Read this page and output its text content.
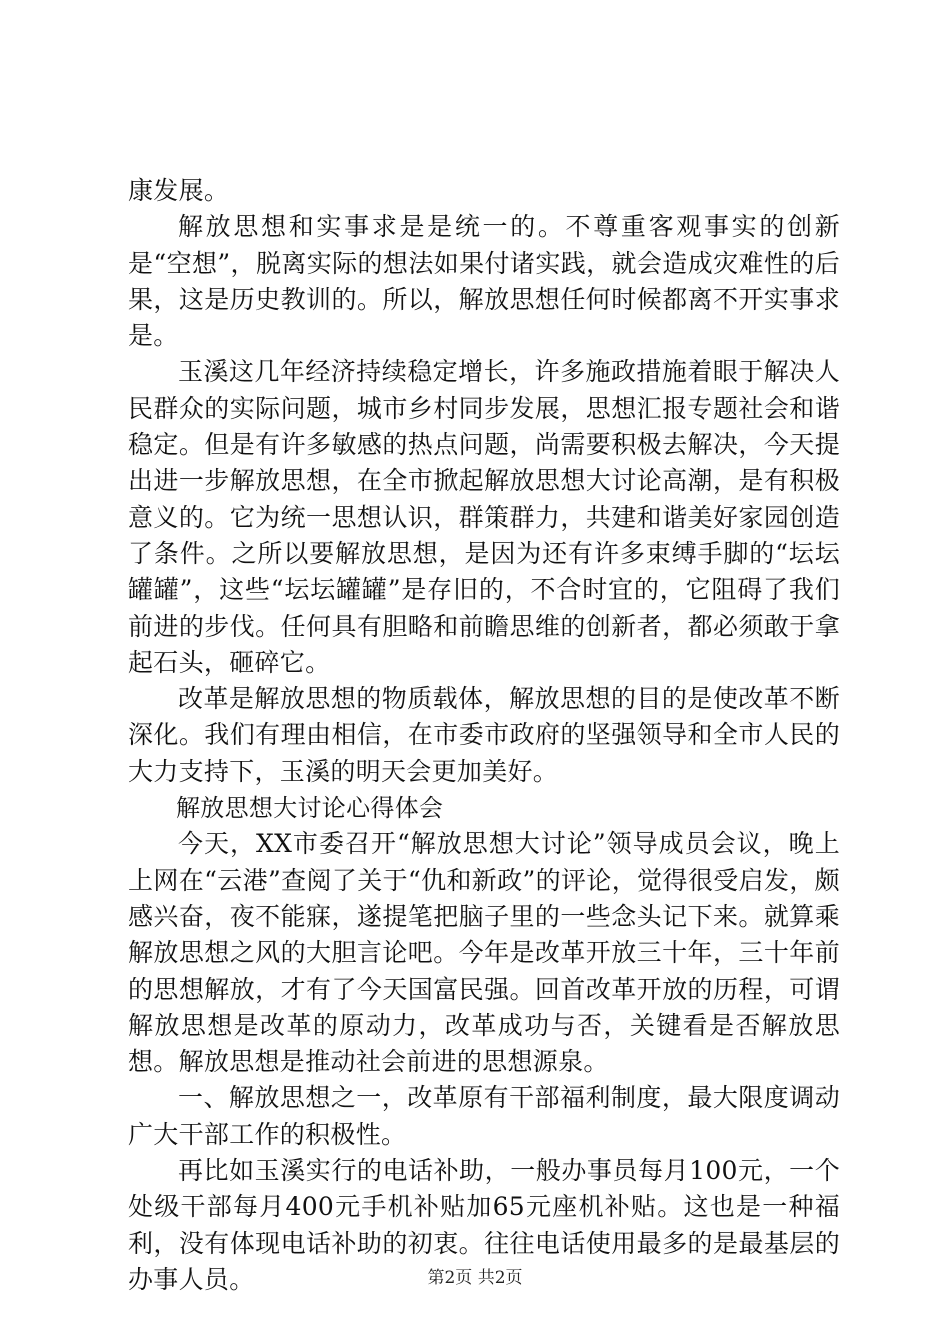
康发展。

解放思想和实事求是是统一的。不尊重客观事实的创新是“空想”，脱离实际的想法如果付诸实践，就会造成灾难性的后果，这是历史教训的。所以，解放思想任何时候都离不开实事求是。

玉溪这几年经济持续稳定增长，许多施政措施着眼于解决人民群众的实际问题，城市乡村同步发展，思想汇报专题社会和谐稳定。但是有许多敏感的热点问题，尚需要积极去解决，今天提出进一步解放思想，在全市掀起解放思想大讨论高潮，是有积极意义的。它为统一思想认识，群策群力，共建和谐美好家园创造了条件。之所以要解放思想，是因为还有许多束缚手脚的“坛坛罐罐”，这些“坛坛罐罐”是存旧的，不合时宜的，它阻碍了我们前进的步伐。任何具有胆略和前瞻思维的创新者，都必须敢于拿起石头，砸碎它。

改革是解放思想的物质载体，解放思想的目的是使改革不断深化。我们有理由相信，在市委市政府的坚强领导和全市人民的大力支持下，玉溪的明天会更加美好。

解放思想大讨论心得体会

今天，XX市委召开“解放思想大讨论”领导成员会议，晚上上网在“云港”查阅了关于“仇和新政”的评论，觉得很受启发，颇感兴奋，夜不能寐，遂提笔把脑子里的一些念头记下来。就算乘解放思想之风的大胆言论吧。今年是改革开放三十年，三十年前的思想解放，才有了今天国富民强。回首改革开放的历程，可谓解放思想是改革的原动力，改革成功与否，关键看是否解放思想。解放思想是推动社会前进的思想源泉。

一、解放思想之一，改革原有干部福利制度，最大限度调动广大干部工作的积极性。

再比如玉溪实行的电话补助，一般办事员每月100元，一个处级干部每月400元手机补贴加65元座机补贴。这也是一种福利，没有体现电话补助的初衷。往往电话使用最多的是最基层的办事人员。	第2页 共2页
